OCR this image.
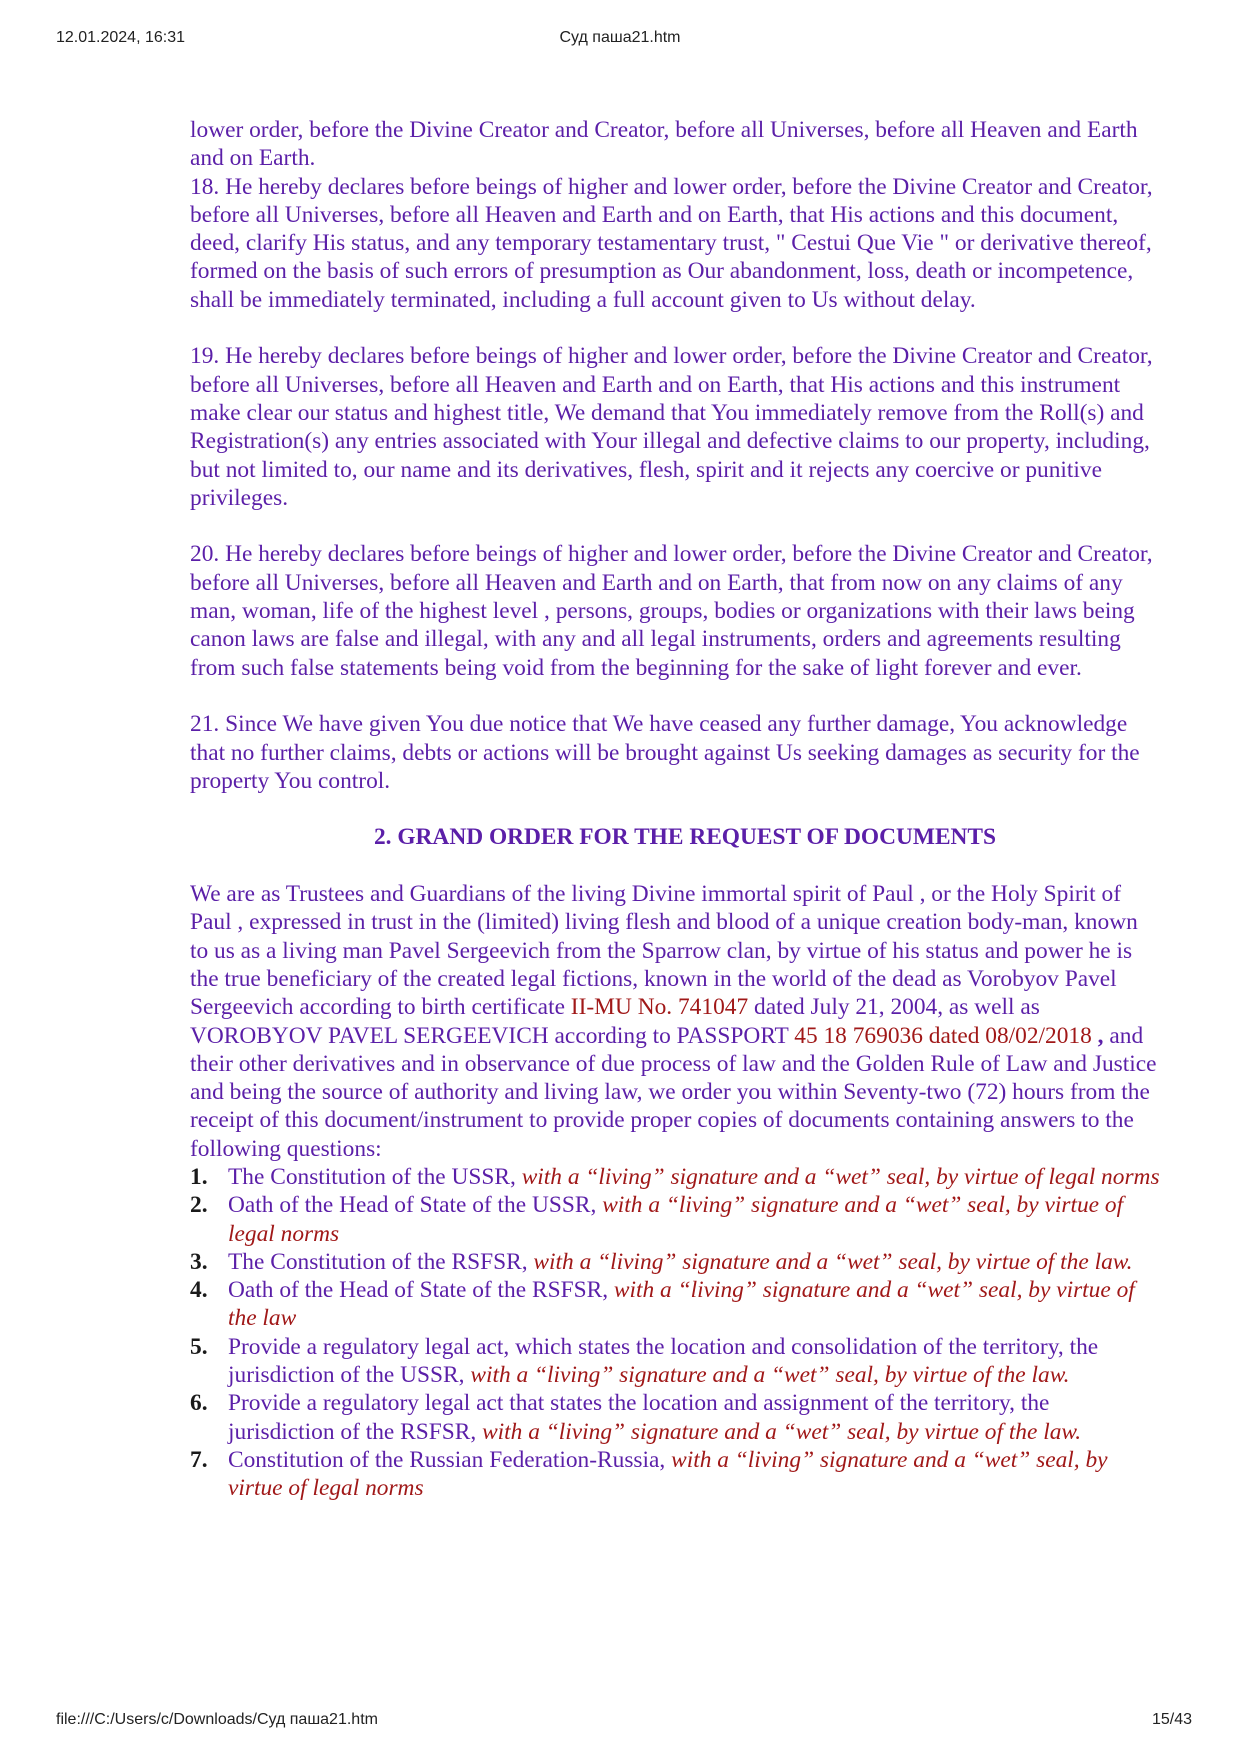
12.01.2024, 16:31	Суд паша21.htm

lower order, before the Divine Creator and Creator, before all Universes, before all Heaven and Earth and on Earth.

18. He hereby declares before beings of higher and lower order, before the Divine Creator and Creator, before all Universes, before all Heaven and Earth and on Earth, that His actions and this document, deed, clarify His status, and any temporary testamentary trust, " Cestui Que Vie " or derivative thereof, formed on the basis of such errors of presumption as Our abandonment, loss, death or incompetence, shall be immediately terminated, including a full account given to Us without delay.

19. He hereby declares before beings of higher and lower order, before the Divine Creator and Creator, before all Universes, before all Heaven and Earth and on Earth, that His actions and this instrument make clear our status and highest title, We demand that You immediately remove from the Roll(s) and Registration(s) any entries associated with Your illegal and defective claims to our property, including, but not limited to, our name and its derivatives, flesh, spirit and it rejects any coercive or punitive privileges.

20. He hereby declares before beings of higher and lower order, before the Divine Creator and Creator, before all Universes, before all Heaven and Earth and on Earth, that from now on any claims of any man, woman, life of the highest level , persons, groups, bodies or organizations with their laws being canon laws are false and illegal, with any and all legal instruments, orders and agreements resulting from such false statements being void from the beginning for the sake of light forever and ever.

21. Since We have given You due notice that We have ceased any further damage, You acknowledge that no further claims, debts or actions will be brought against Us seeking damages as security for the property You control.

2. GRAND ORDER FOR THE REQUEST OF DOCUMENTS

We are as Trustees and Guardians of the living Divine immortal spirit of Paul , or the Holy Spirit of Paul , expressed in trust in the (limited) living flesh and blood of a unique creation body-man, known to us as a living man Pavel Sergeevich from the Sparrow clan, by virtue of his status and power he is the true beneficiary of the created legal fictions, known in the world of the dead as Vorobyov Pavel Sergeevich according to birth certificate II-MU No. 741047 dated July 21, 2004, as well as VOROBYOV PAVEL SERGEEVICH according to PASSPORT 45 18 769036 dated 08/02/2018 , and their other derivatives and in observance of due process of law and the Golden Rule of Law and Justice and being the source of authority and living law, we order you within Seventy-two (72) hours from the receipt of this document/instrument to provide proper copies of documents containing answers to the following questions:

1. The Constitution of the USSR, with a “living” signature and a “wet” seal, by virtue of legal norms
2. Oath of the Head of State of the USSR, with a “living” signature and a “wet” seal, by virtue of legal norms
3. The Constitution of the RSFSR, with a “living” signature and a “wet” seal, by virtue of the law.
4. Oath of the Head of State of the RSFSR, with a “living” signature and a “wet” seal, by virtue of the law
5. Provide a regulatory legal act, which states the location and consolidation of the territory, the jurisdiction of the USSR, with a “living” signature and a “wet” seal, by virtue of the law.
6. Provide a regulatory legal act that states the location and assignment of the territory, the jurisdiction of the RSFSR, with a “living” signature and a “wet” seal, by virtue of the law.
7. Constitution of the Russian Federation-Russia, with a “living” signature and a “wet” seal, by virtue of legal norms
file:///C:/Users/c/Downloads/Суд паша21.htm	15/43
